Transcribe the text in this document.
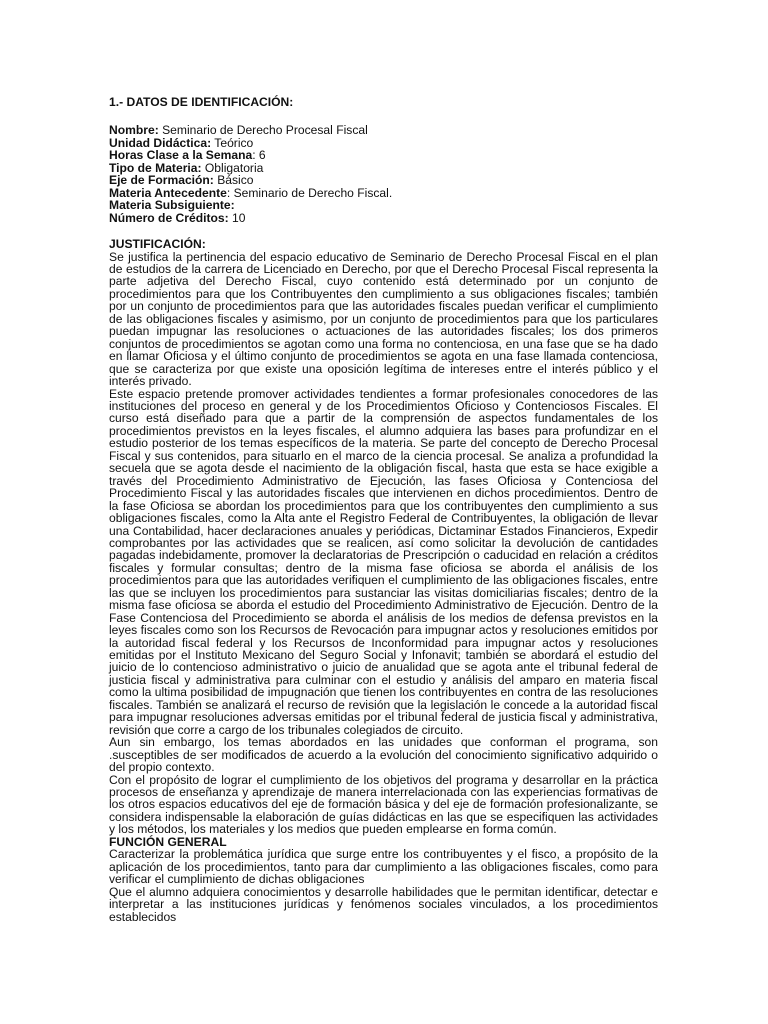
1.- DATOS DE IDENTIFICACIÓN:

Nombre: Seminario de Derecho Procesal Fiscal

Unidad Didáctica: Teórico

Horas Clase a la Semana: 6

Tipo de Materia: Obligatoria

Eje de Formación: Básico

Materia Antecedente: Seminario de Derecho Fiscal.

Materia Subsiguiente:

Número de Créditos: 10

JUSTIFICACIÓN:

Se justifica la pertinencia del espacio educativo de Seminario de Derecho Procesal Fiscal en el plan de estudios de la carrera de Licenciado en Derecho, por que el Derecho Procesal Fiscal representa la parte adjetiva del Derecho Fiscal, cuyo contenido está determinado por un conjunto de procedimientos para que los Contribuyentes den cumplimiento a sus obligaciones fiscales; también por un conjunto de procedimientos para que las autoridades fiscales puedan verificar el cumplimiento de las obligaciones fiscales y asimismo, por un conjunto de procedimientos para que los particulares puedan impugnar las resoluciones o actuaciones de las autoridades fiscales; los dos primeros conjuntos de procedimientos se agotan como una forma no contenciosa, en una fase que se ha dado en llamar Oficiosa y el último conjunto de procedimientos se agota en una fase llamada contenciosa, que se caracteriza por que existe una oposición legítima de intereses entre el interés público y el interés privado.

Este espacio pretende promover actividades tendientes a formar profesionales conocedores de las instituciones del proceso en general y de los Procedimientos Oficioso y Contenciosos Fiscales. El curso está diseñado para que a partir de la comprensión de aspectos fundamentales de los procedimientos previstos en la leyes fiscales, el alumno adquiera las bases para profundizar en el estudio posterior de los temas específicos de la materia. Se parte del concepto de Derecho Procesal Fiscal y sus contenidos, para situarlo en el marco de la ciencia procesal. Se analiza a profundidad la secuela que se agota desde el nacimiento de la obligación fiscal, hasta que esta se hace exigible a través del Procedimiento Administrativo de Ejecución, las fases Oficiosa y Contenciosa del Procedimiento Fiscal y las autoridades fiscales que intervienen en dichos procedimientos. Dentro de la fase Oficiosa se abordan los procedimientos para que los contribuyentes den cumplimiento a sus obligaciones fiscales, como la Alta ante el Registro Federal de Contribuyentes, la obligación de llevar una Contabilidad, hacer declaraciones anuales y periódicas, Dictaminar Estados Financieros, Expedir comprobantes por las actividades que se realicen, así como solicitar la devolución de cantidades pagadas indebidamente, promover la declaratorias de Prescripción o caducidad en relación a créditos fiscales y formular consultas; dentro de la misma fase oficiosa se aborda el análisis de los procedimientos para que las autoridades verifiquen el cumplimiento de las obligaciones fiscales, entre las que se incluyen los procedimientos para sustanciar las visitas domiciliarias fiscales; dentro de la misma fase oficiosa se aborda el estudio del Procedimiento Administrativo de Ejecución. Dentro de la Fase Contenciosa del Procedimiento se aborda el análisis de los medios de defensa previstos en la leyes fiscales como son los Recursos de Revocación para impugnar actos y resoluciones emitidos por la autoridad fiscal federal y los Recursos de Inconformidad para impugnar actos y resoluciones emitidas por el Instituto Mexicano del Seguro Social y Infonavit; también se abordará el estudio del juicio de lo contencioso administrativo o juicio de anualidad que se agota ante el tribunal federal de justicia fiscal y administrativa para culminar con el estudio y análisis del amparo en materia fiscal como la ultima posibilidad de impugnación que tienen los contribuyentes en contra de las resoluciones fiscales. También se analizará el recurso de revisión que la legislación le concede a la autoridad fiscal para impugnar resoluciones adversas emitidas por el tribunal federal de justicia fiscal y administrativa, revisión que corre a cargo de los tribunales colegiados de circuito.

Aun sin embargo, los temas abordados en las unidades que conforman el programa, son .susceptibles de ser modificados de acuerdo a la evolución del conocimiento significativo adquirido o del propio contexto.

Con el propósito de lograr el cumplimiento de los objetivos del programa y desarrollar en la práctica procesos de enseñanza y aprendizaje de manera interrelacionada con las experiencias formativas de los otros espacios educativos del eje de formación básica y del eje de formación profesionalizante, se considera indispensable la elaboración de guías didácticas en las que se especifiquen las actividades y los métodos, los materiales y los medios que pueden emplearse en forma común.

FUNCIÓN GENERAL

Caracterizar la problemática jurídica que surge entre los contribuyentes y el fisco, a propósito de la aplicación de los procedimientos, tanto para dar cumplimiento a las obligaciones fiscales, como para verificar el cumplimiento de dichas obligaciones

Que el alumno adquiera conocimientos y desarrolle habilidades que le permitan identificar, detectar e interpretar a las instituciones jurídicas y fenómenos sociales vinculados, a los procedimientos establecidos
